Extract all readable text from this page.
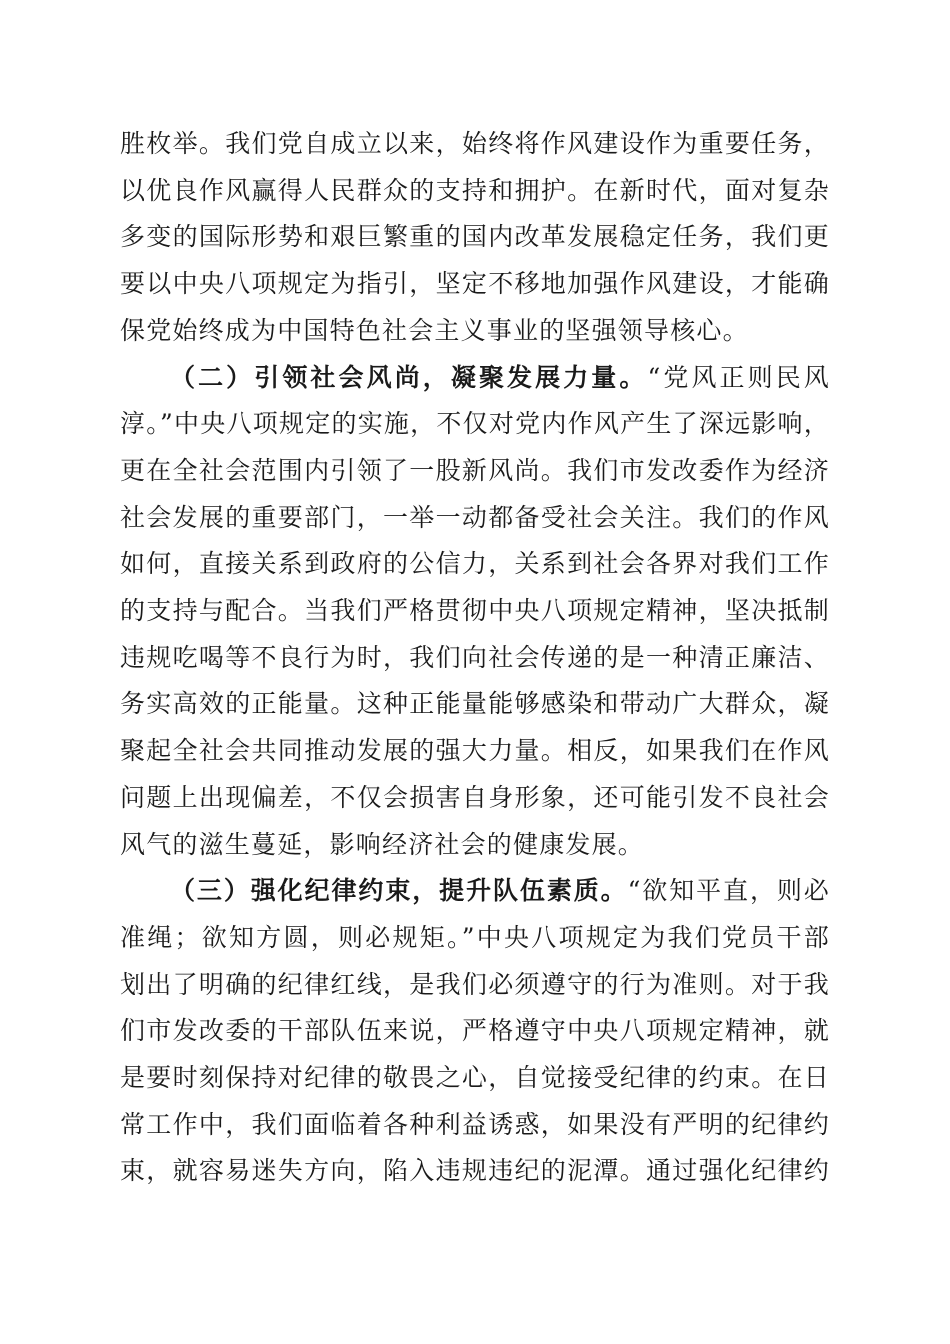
胜枚举。我们党自成立以来，始终将作风建设作为重要任务，
以优良作风赢得人民群众的支持和拥护。在新时代，面对复杂
多变的国际形势和艰巨繁重的国内改革发展稳定任务，我们更
要以中央八项规定为指引，坚定不移地加强作风建设，才能确
保党始终成为中国特色社会主义事业的坚强领导核心。
（二）引领社会风尚，凝聚发展力量。“党风正则民风
淳。”中央八项规定的实施，不仅对党内作风产生了深远影响，
更在全社会范围内引领了一股新风尚。我们市发改委作为经济
社会发展的重要部门，一举一动都备受社会关注。我们的作风
如何，直接关系到政府的公信力，关系到社会各界对我们工作
的支持与配合。当我们严格贯彻中央八项规定精神，坚决抵制
违规吃喝等不良行为时，我们向社会传递的是一种清正廉洁、
务实高效的正能量。这种正能量能够感染和带动广大群众，凝
聚起全社会共同推动发展的强大力量。相反，如果我们在作风
问题上出现偏差，不仅会损害自身形象，还可能引发不良社会
风气的滋生蔓延，影响经济社会的健康发展。
（三）强化纪律约束，提升队伍素质。“欲知平直，则必
准绳；欲知方圆，则必规矩。”中央八项规定为我们党员干部
划出了明确的纪律红线，是我们必须遵守的行为准则。对于我
们市发改委的干部队伍来说，严格遵守中央八项规定精神，就
是要时刻保持对纪律的敬畏之心，自觉接受纪律的约束。在日
常工作中，我们面临着各种利益诱惑，如果没有严明的纪律约
束，就容易迷失方向，陷入违规违纪的泥潭。通过强化纪律约
